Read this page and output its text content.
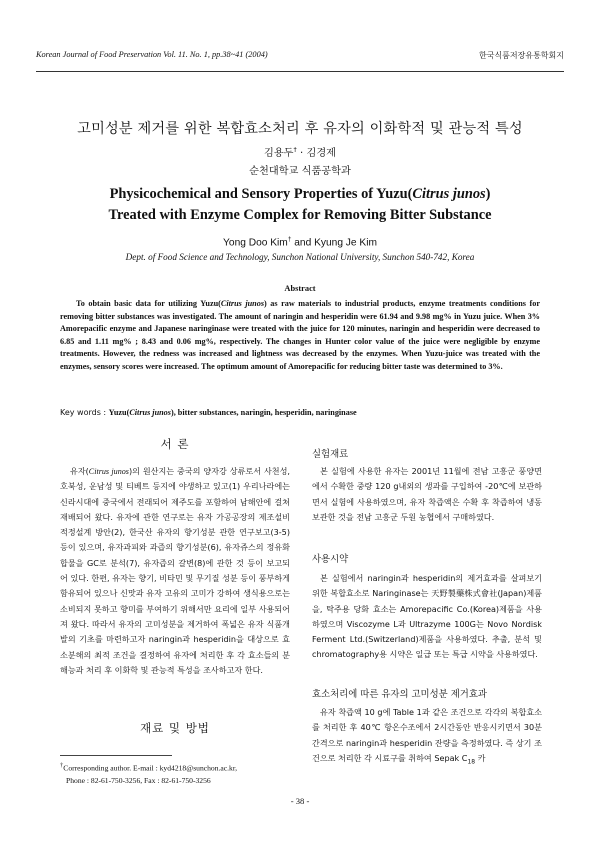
Korean Journal of Food Preservation Vol. 11. No. 1, pp.38~41 (2004)	한국식품저장유통학회지
고미성분 제거를 위한 복합효소처리 후 유자의 이화학적 및 관능적 특성
김용두† · 김경제
순천대학교 식품공학과
Physicochemical and Sensory Properties of Yuzu(Citrus junos)
Treated with Enzyme Complex for Removing Bitter Substance
Yong Doo Kim† and Kyung Je Kim
Dept. of Food Science and Technology, Sunchon National University, Sunchon 540-742, Korea
Abstract
To obtain basic data for utilizing Yuzu(Citrus junos) as raw materials to industrial products, enzyme treatments conditions for removing bitter substances was investigated. The amount of naringin and hesperidin were 61.94 and 9.98 mg% in Yuzu juice. When 3% Amorepacific enzyme and Japanese naringinase were treated with the juice for 120 minutes, naringin and hesperidin were decreased to 6.85 and 1.11 mg% ; 8.43 and 0.06 mg%, respectively. The changes in Hunter color value of the juice were negligible by enzyme treatments. However, the redness was increased and lightness was decreased by the enzymes. When Yuzu-juice was treated with the enzymes, sensory scores were increased. The optimum amount of Amorepacific for reducing bitter taste was determined to 3%.
Key words : Yuzu(Citrus junos), bitter substances, naringin, hesperidin, naringinase
서 론
유자(Citrus junos)의 원산지는 중국의 양자강 상류로서 사천성, 호북성, 운남성 및 티베트 등지에 야생하고 있고(1) 우리나라에는 신라시대에 중국에서 전래되어 제주도를 포함하여 남해안에 걸쳐 재배되어 왔다. 유자에 관한 연구로는 유자 가공공장의 제조설비 적정설계 방안(2), 한국산 유자의 향기성분 관한 연구보고(3-5) 등이 있으며, 유자과피와 과즙의 향기성분(6), 유자쥬스의 정유화합물을 GC로 분석(7), 유자즙의 갈변(8)에 관한 것 등이 보고되어 있다. 한편, 유자는 향기, 비타민 및 무기질 성분 등이 풍부하게 함유되어 있으나 신맛과 유자 고유의 고미가 강하여 생식용으로는 소비되지 못하고 향미를 부여하기 위해서만 요리에 일부 사용되어져 왔다. 따라서 유자의 고미성분을 제거하여 폭넓은 유자 식품개발의 기초를 마련하고자 naringin과 hesperidin을 대상으로 효소분해의 최적 조건을 결정하여 유자에 처리한 후 각 효소들의 분해능과 처리 후 이화학 및 관능적 특성을 조사하고자 한다.
재료 및 방법
†Corresponding author. E-mail : kyd4218@sunchon.ac.kr,
Phone : 82-61-750-3256, Fax : 82-61-750-3256
실험재료
본 실험에 사용한 유자는 2001년 11월에 전남 고흥군 풍양면에서 수확한 중량 120 g내외의 생과를 구입하여 -20℃에 보관하면서 실험에 사용하였으며, 유자 착즙액은 수확 후 착즙하여 냉동 보관한 것을 전남 고흥군 두원 농협에서 구매하였다.
사용시약
본 실험에서 naringin과 hesperidin의 제거효과를 살펴보기 위한 복합효소로 Naringinase는 天野製藥株式會社(Japan)제품을, 탁주용 당화 효소는 Amorepacific Co.(Korea)제품을 사용하였으며 Viscozyme L과 Ultrazyme 100G는 Novo Nordisk Ferment Ltd.(Switzerland)제품을 사용하였다. 추출, 분석 및 chromatography용 시약은 일급 또는 특급 시약을 사용하였다.
효소처리에 따른 유자의 고미성분 제거효과
유자 착즙액 10 g에 Table 1과 같은 조건으로 각각의 복합효소를 처리한 후 40℃ 항온수조에서 2시간동안 반응시키면서 30분 간격으로 naringin과 hesperidin 잔량을 측정하였다. 즉 상기 조건으로 처리한 각 시료구를 취하여 Sepak $C_{18}$ 카
- 38 -
